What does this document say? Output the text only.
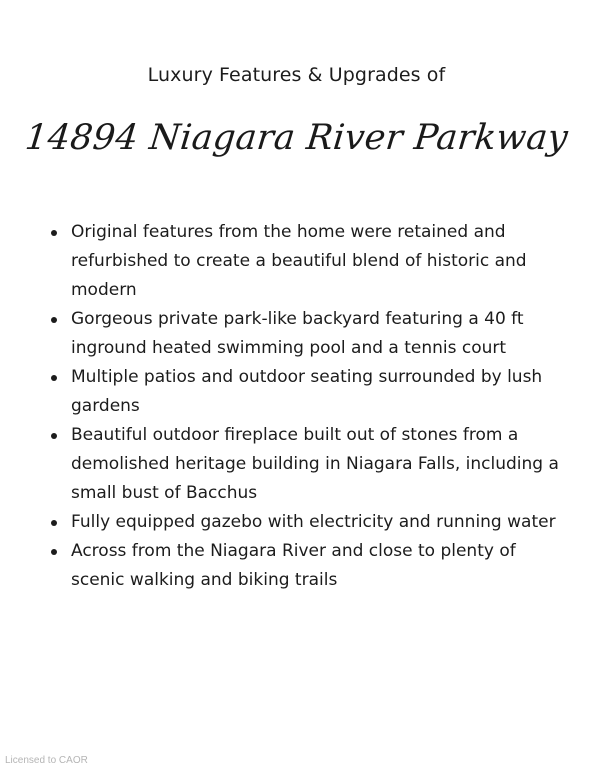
Luxury Features & Upgrades of
14894 Niagara River Parkway
Original features from the home were retained and refurbished to create a beautiful blend of historic and modern
Gorgeous private park-like backyard featuring a 40 ft inground heated swimming pool and a tennis court
Multiple patios and outdoor seating surrounded by lush gardens
Beautiful outdoor fireplace built out of stones from a demolished heritage building in Niagara Falls, including a small bust of Bacchus
Fully equipped gazebo with electricity and running water
Across from the Niagara River and close to plenty of scenic walking and biking trails
Licensed to CAOR
